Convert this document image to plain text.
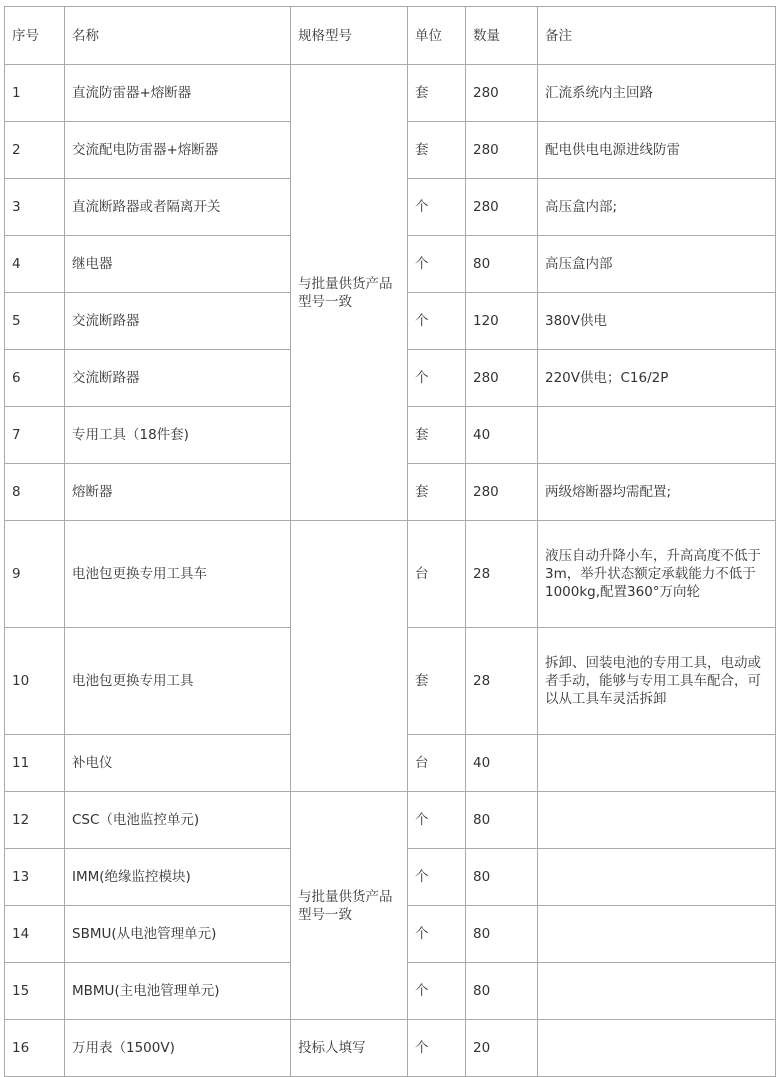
序号	名称	规格型号	单位	数量	备注
1	直流防雷器+熔断器	与批量供货产品型号一致	套	280	汇流系统内主回路
2	交流配电防雷器+熔断器		套	280	配电供电电源进线防雷
3	直流断路器或者隔离开关		个	280	高压盒内部;
4	继电器		个	80	高压盒内部
5	交流断路器		个	120	380V供电
6	交流断路器		个	280	220V供电；C16/2P
7	专用工具（18件套)		套	40	
8	熔断器		套	280	两级熔断器均需配置;
9	电池包更换专用工具车		台	28	液压自动升降小车，升高高度不低于3m，举升状态额定承载能力不低于1000kg,配置360°万向轮
10	电池包更换专用工具		套	28	拆卸、回装电池的专用工具，电动或者手动，能够与专用工具车配合，可以从工具车灵活拆卸
11	补电仪		台	40	
12	CSC（电池监控单元)	与批量供货产品型号一致	个	80	
13	IMM(绝缘监控模块)		个	80	
14	SBMU(从电池管理单元)		个	80	
15	MBMU(主电池管理单元)		个	80	
16	万用表（1500V)	投标人填写	个	20	
